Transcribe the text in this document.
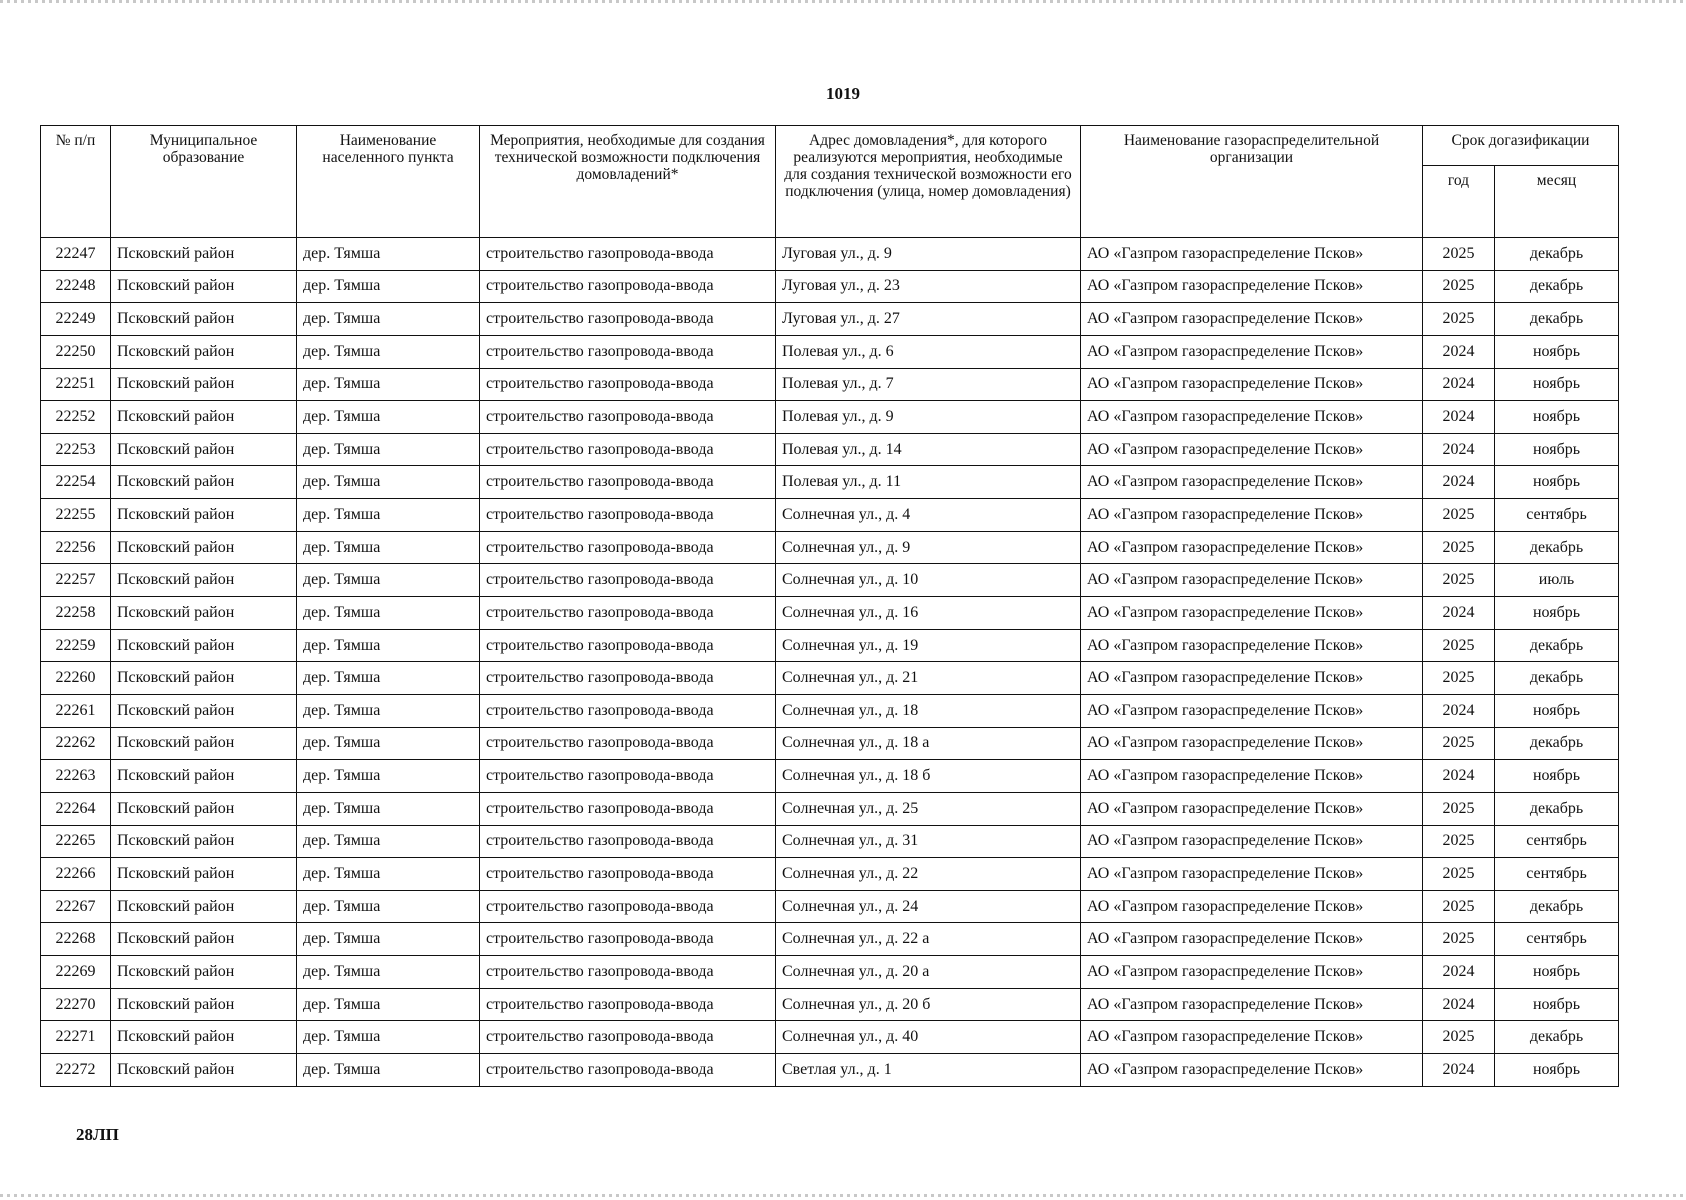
1019
№ п/п	Муниципальное образование	Наименование населенного пункта	Мероприятия, необходимые для создания технической возможности подключения домовладений*	Адрес домовладения*, для которого реализуются мероприятия, необходимые для создания технической возможности его подключения (улица, номер домовладения)	Наименование газораспределительной организации	Срок догазификации	
						год	месяц
22247	Псковский район	дер. Тямша	строительство газопровода-ввода	Луговая ул., д. 9	АО «Газпром газораспределение Псков»	2025	декабрь
22248	Псковский район	дер. Тямша	строительство газопровода-ввода	Луговая ул., д. 23	АО «Газпром газораспределение Псков»	2025	декабрь
22249	Псковский район	дер. Тямша	строительство газопровода-ввода	Луговая ул., д. 27	АО «Газпром газораспределение Псков»	2025	декабрь
22250	Псковский район	дер. Тямша	строительство газопровода-ввода	Полевая ул., д. 6	АО «Газпром газораспределение Псков»	2024	ноябрь
22251	Псковский район	дер. Тямша	строительство газопровода-ввода	Полевая ул., д. 7	АО «Газпром газораспределение Псков»	2024	ноябрь
22252	Псковский район	дер. Тямша	строительство газопровода-ввода	Полевая ул., д. 9	АО «Газпром газораспределение Псков»	2024	ноябрь
22253	Псковский район	дер. Тямша	строительство газопровода-ввода	Полевая ул., д. 14	АО «Газпром газораспределение Псков»	2024	ноябрь
22254	Псковский район	дер. Тямша	строительство газопровода-ввода	Полевая ул., д. 11	АО «Газпром газораспределение Псков»	2024	ноябрь
22255	Псковский район	дер. Тямша	строительство газопровода-ввода	Солнечная ул., д. 4	АО «Газпром газораспределение Псков»	2025	сентябрь
22256	Псковский район	дер. Тямша	строительство газопровода-ввода	Солнечная ул., д. 9	АО «Газпром газораспределение Псков»	2025	декабрь
22257	Псковский район	дер. Тямша	строительство газопровода-ввода	Солнечная ул., д. 10	АО «Газпром газораспределение Псков»	2025	июль
22258	Псковский район	дер. Тямша	строительство газопровода-ввода	Солнечная ул., д. 16	АО «Газпром газораспределение Псков»	2024	ноябрь
22259	Псковский район	дер. Тямша	строительство газопровода-ввода	Солнечная ул., д. 19	АО «Газпром газораспределение Псков»	2025	декабрь
22260	Псковский район	дер. Тямша	строительство газопровода-ввода	Солнечная ул., д. 21	АО «Газпром газораспределение Псков»	2025	декабрь
22261	Псковский район	дер. Тямша	строительство газопровода-ввода	Солнечная ул., д. 18	АО «Газпром газораспределение Псков»	2024	ноябрь
22262	Псковский район	дер. Тямша	строительство газопровода-ввода	Солнечная ул., д. 18 а	АО «Газпром газораспределение Псков»	2025	декабрь
22263	Псковский район	дер. Тямша	строительство газопровода-ввода	Солнечная ул., д. 18 б	АО «Газпром газораспределение Псков»	2024	ноябрь
22264	Псковский район	дер. Тямша	строительство газопровода-ввода	Солнечная ул., д. 25	АО «Газпром газораспределение Псков»	2025	декабрь
22265	Псковский район	дер. Тямша	строительство газопровода-ввода	Солнечная ул., д. 31	АО «Газпром газораспределение Псков»	2025	сентябрь
22266	Псковский район	дер. Тямша	строительство газопровода-ввода	Солнечная ул., д. 22	АО «Газпром газораспределение Псков»	2025	сентябрь
22267	Псковский район	дер. Тямша	строительство газопровода-ввода	Солнечная ул., д. 24	АО «Газпром газораспределение Псков»	2025	декабрь
22268	Псковский район	дер. Тямша	строительство газопровода-ввода	Солнечная ул., д. 22 а	АО «Газпром газораспределение Псков»	2025	сентябрь
22269	Псковский район	дер. Тямша	строительство газопровода-ввода	Солнечная ул., д. 20 а	АО «Газпром газораспределение Псков»	2024	ноябрь
22270	Псковский район	дер. Тямша	строительство газопровода-ввода	Солнечная ул., д. 20 б	АО «Газпром газораспределение Псков»	2024	ноябрь
22271	Псковский район	дер. Тямша	строительство газопровода-ввода	Солнечная ул., д. 40	АО «Газпром газораспределение Псков»	2025	декабрь
22272	Псковский район	дер. Тямша	строительство газопровода-ввода	Светлая ул., д. 1	АО «Газпром газораспределение Псков»	2024	ноябрь
28ЛП
